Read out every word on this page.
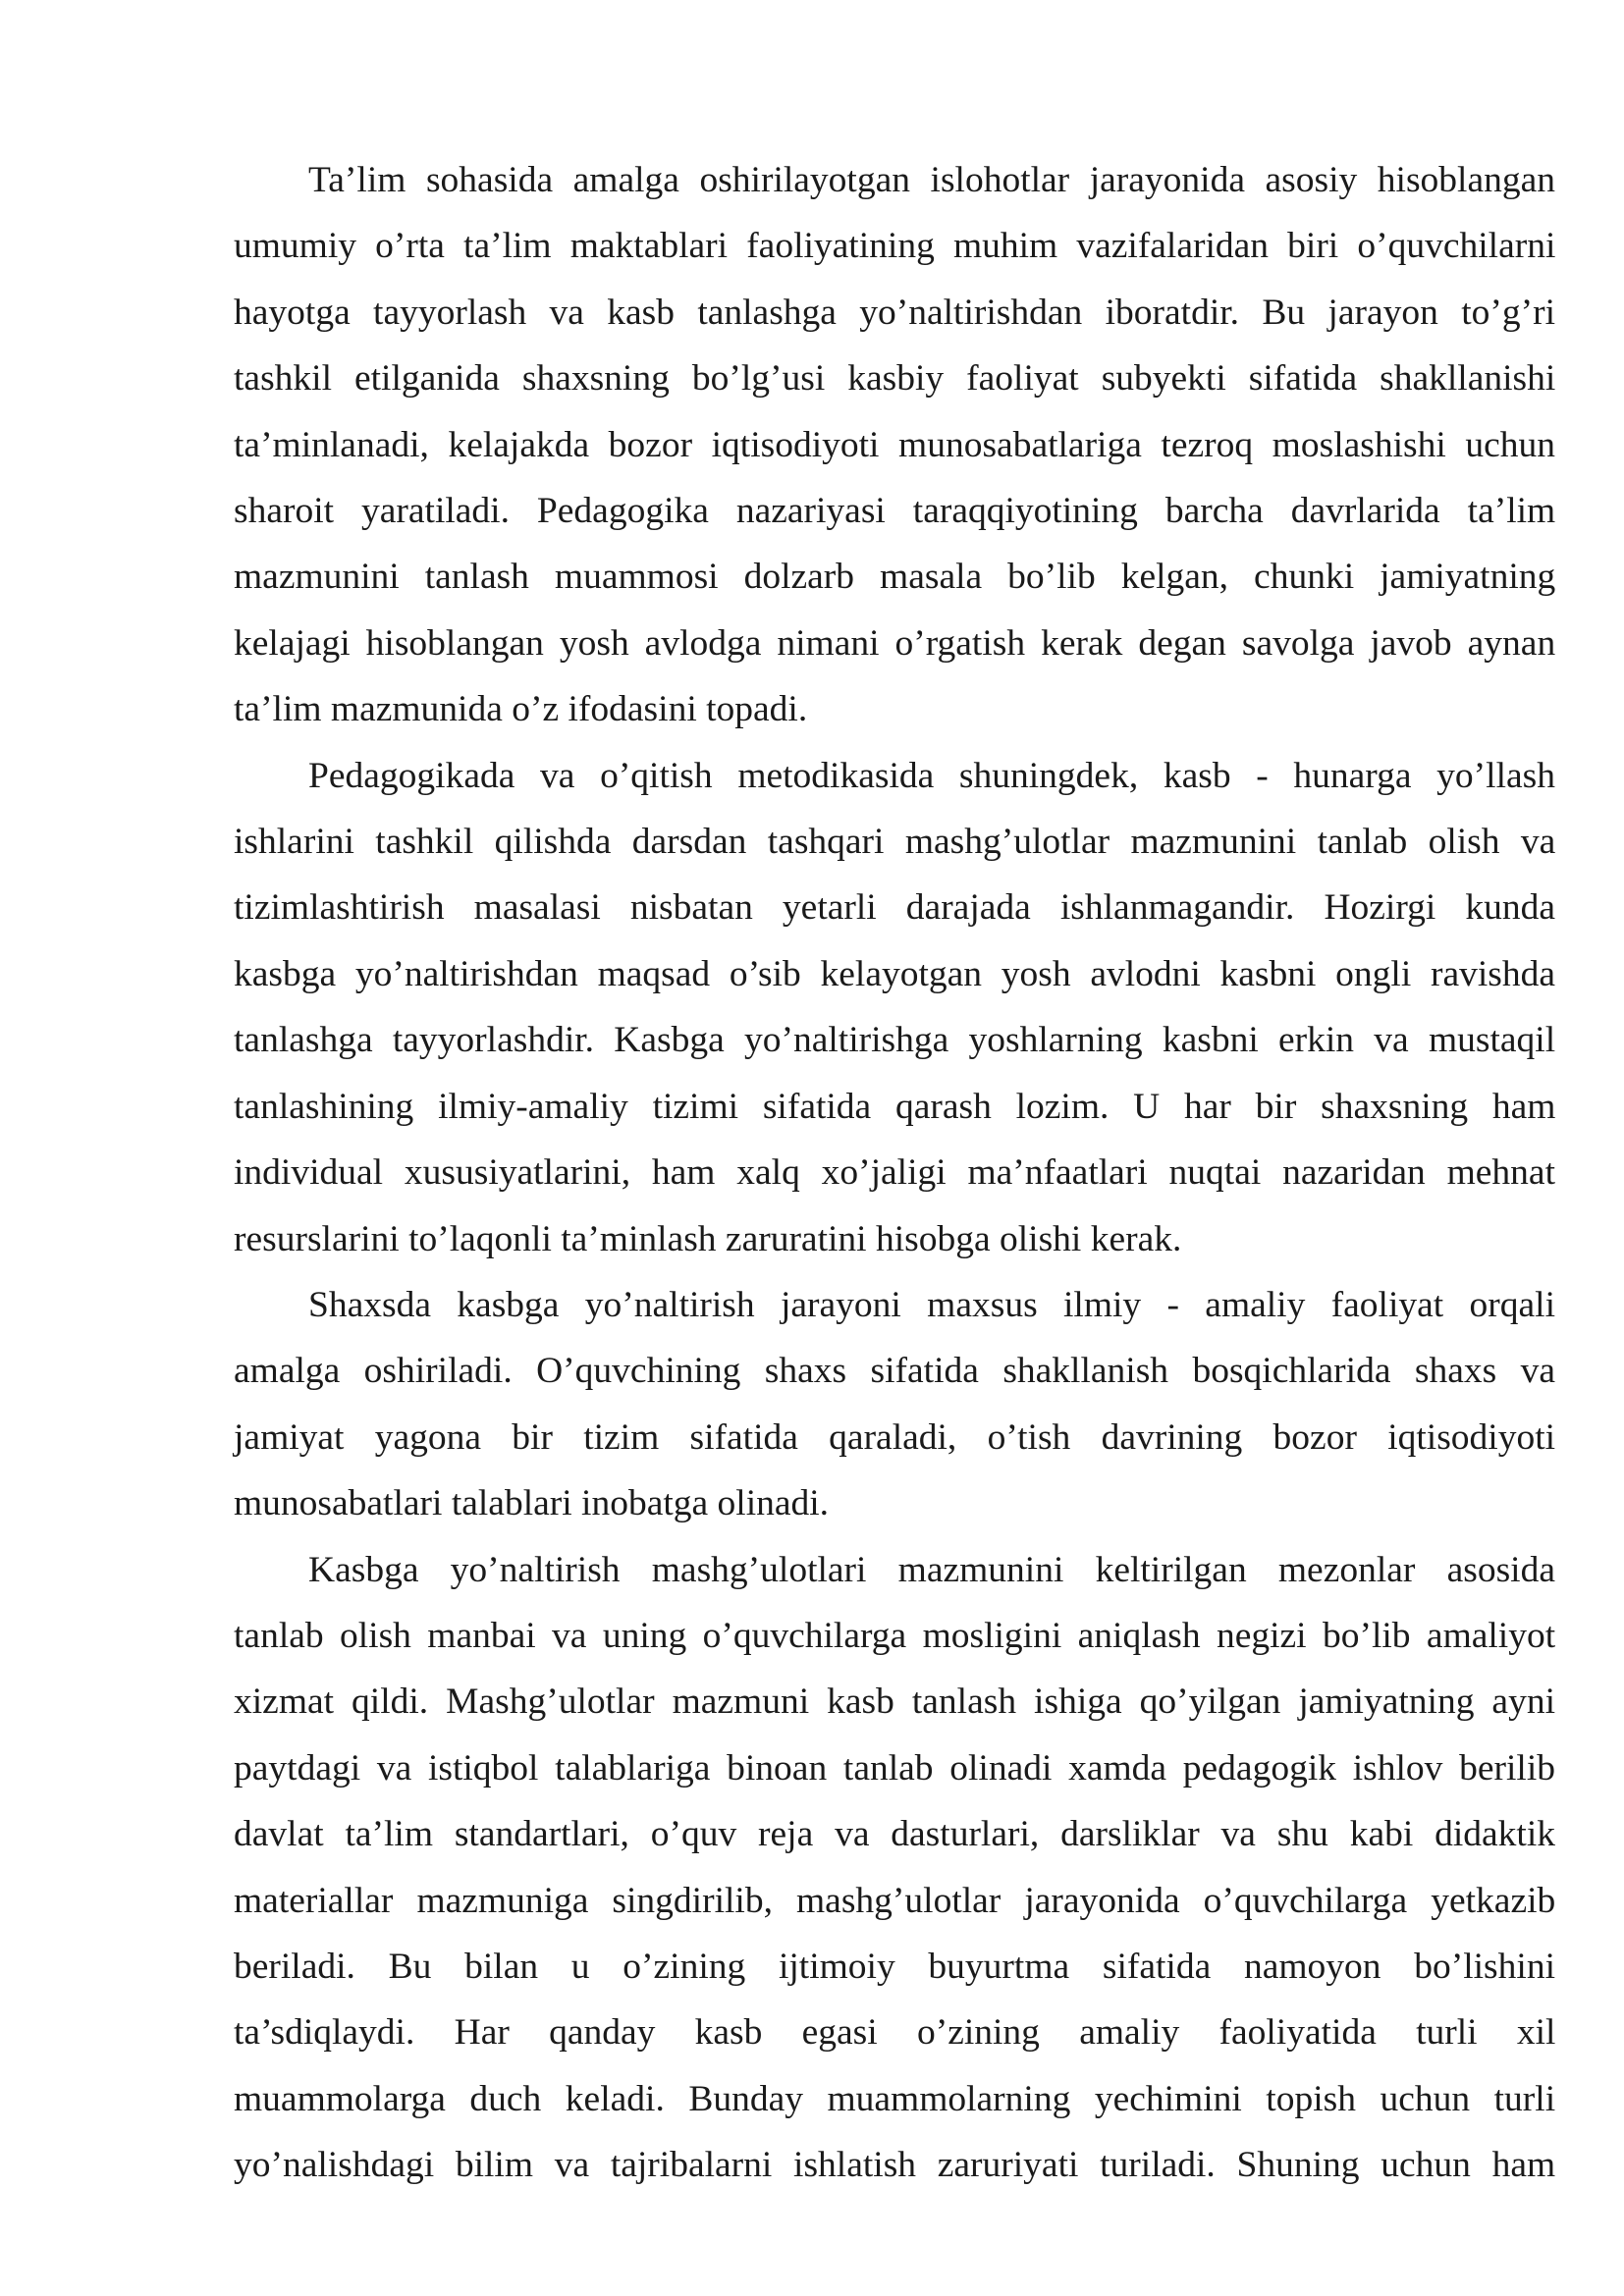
Ta’lim sohasida amalga oshirilayotgan islohotlar jarayonida asosiy hisoblangan
umumiy o’rta ta’lim maktablari faoliyatining muhim vazifalaridan biri o’quvchilarni
hayotga tayyorlash va kasb tanlashga yo’naltirishdan iboratdir. Bu jarayon to’g’ri
tashkil etilganida shaxsning bo’lg’usi kasbiy faoliyat subyekti sifatida shakllanishi
ta’minlanadi, kelajakda bozor iqtisodiyoti munosabatlariga tezroq moslashishi uchun
sharoit yaratiladi. Pedagogika nazariyasi taraqqiyotining barcha davrlarida ta’lim
mazmunini tanlash muammosi dolzarb masala bo’lib kelgan, chunki jamiyatning
kelajagi hisoblangan yosh avlodga nimani o’rgatish kerak degan savolga javob aynan
ta’lim mazmunida o’z ifodasini topadi.
Pedagogikada va o’qitish metodikasida shuningdek, kasb - hunarga yo’llash
ishlarini tashkil qilishda darsdan tashqari mashg’ulotlar mazmunini tanlab olish va
tizimlashtirish masalasi nisbatan yetarli darajada ishlanmagandir. Hozirgi kunda
kasbga yo’naltirishdan maqsad o’sib kelayotgan yosh avlodni kasbni ongli ravishda
tanlashga tayyorlashdir. Kasbga yo’naltirishga yoshlarning kasbni erkin va mustaqil
tanlashining ilmiy-amaliy tizimi sifatida qarash lozim. U har bir shaxsning ham
individual xususiyatlarini, ham xalq xo’jaligi ma’nfaatlari nuqtai nazaridan mehnat
resurslarini to’laqonli ta’minlash zaruratini hisobga olishi kerak.
Shaxsda kasbga yo’naltirish jarayoni maxsus ilmiy - amaliy faoliyat orqali
amalga oshiriladi. O’quvchining shaxs sifatida shakllanish bosqichlarida shaxs va
jamiyat yagona bir tizim sifatida qaraladi, o’tish davrining bozor iqtisodiyoti
munosabatlari talablari inobatga olinadi.
Kasbga yo’naltirish mashg’ulotlari mazmunini keltirilgan mezonlar asosida
tanlab olish manbai va uning o’quvchilarga mosligini aniqlash negizi bo’lib amaliyot
xizmat qildi. Mashg’ulotlar mazmuni kasb tanlash ishiga qo’yilgan jamiyatning ayni
paytdagi va istiqbol talablariga binoan tanlab olinadi xamda pedagogik ishlov berilib
davlat ta’lim standartlari, o’quv reja va dasturlari, darsliklar va shu kabi didaktik
materiallar mazmuniga singdirilib, mashg’ulotlar jarayonida o’quvchilarga yetkazib
beriladi. Bu bilan u o’zining ijtimoiy buyurtma sifatida namoyon bo’lishini
ta’sdiqlaydi. Har qanday kasb egasi o’zining amaliy faoliyatida turli xil
muammolarga duch keladi. Bunday muammolarning yechimini topish uchun turli
yo’nalishdagi bilim va tajribalarni ishlatish zaruriyati turiladi. Shuning uchun ham
